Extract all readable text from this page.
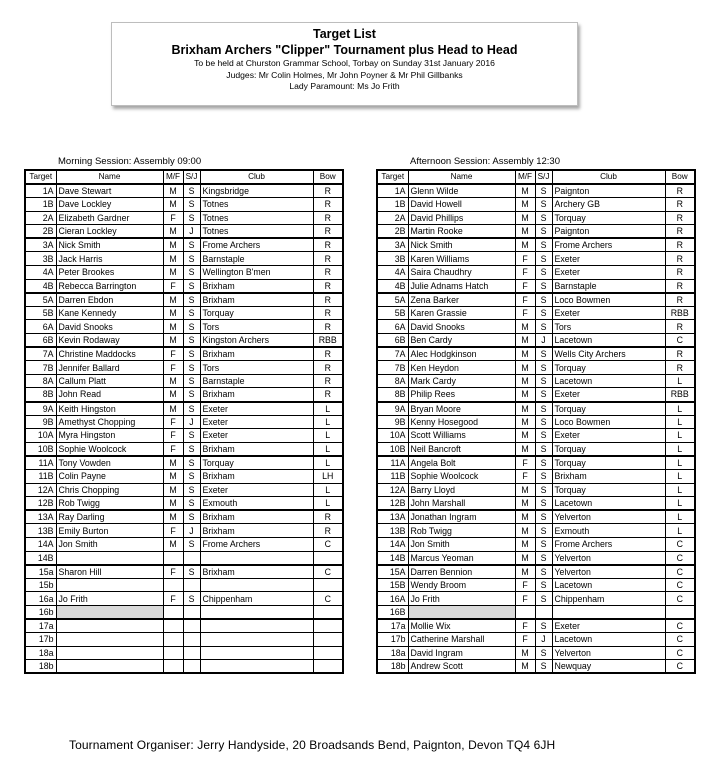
Target List
Brixham Archers "Clipper" Tournament plus Head to Head
To be held at Churston Grammar School, Torbay on Sunday 31st January 2016
Judges: Mr Colin Holmes, Mr John Poyner & Mr Phil Gillbanks
Lady Paramount: Ms Jo Frith
Morning Session: Assembly 09:00	Afternoon Session: Assembly 12:30
Target	Name	M/F	S/J	Club	Bow
1A	Dave Stewart	M	S	Kingsbridge	R
1B	Dave Lockley	M	S	Totnes	R
2A	Elizabeth Gardner	F	S	Totnes	R
2B	Cieran Lockley	M	J	Totnes	R
3A	Nick Smith	M	S	Frome Archers	R
3B	Jack Harris	M	S	Barnstaple	R
4A	Peter Brookes	M	S	Wellington B'men	R
4B	Rebecca Barrington	F	S	Brixham	R
5A	Darren Ebdon	M	S	Brixham	R
5B	Kane Kennedy	M	S	Torquay	R
6A	David Snooks	M	S	Tors	R
6B	Kevin Rodaway	M	S	Kingston Archers	RBB
7A	Christine Maddocks	F	S	Brixham	R
7B	Jennifer Ballard	F	S	Tors	R
8A	Callum Platt	M	S	Barnstaple	R
8B	John Read	M	S	Brixham	R
9A	Keith Hingston	M	S	Exeter	L
9B	Amethyst Chopping	F	J	Exeter	L
10A	Myra Hingston	F	S	Exeter	L
10B	Sophie Woolcock	F	S	Brixham	L
11A	Tony Vowden	M	S	Torquay	L
11B	Colin Payne	M	S	Brixham	LH
12A	Chris Chopping	M	S	Exeter	L
12B	Rob Twigg	M	S	Exmouth	L
13A	Ray Darling	M	S	Brixham	R
13B	Emily Burton	F	J	Brixham	R
14A	Jon Smith	M	S	Frome Archers	C
14B					
15a	Sharon Hill	F	S	Brixham	C
15b					
16a	Jo Frith	F	S	Chippenham	C
16b					
17a					
17b					
18a					
18b					
Target	Name	M/F	S/J	Club	Bow
1A	Glenn Wilde	M	S	Paignton	R
1B	David Howell	M	S	Archery GB	R
2A	David Phillips	M	S	Torquay	R
2B	Martin Rooke	M	S	Paignton	R
3A	Nick Smith	M	S	Frome Archers	R
3B	Karen Williams	F	S	Exeter	R
4A	Saira Chaudhry	F	S	Exeter	R
4B	Julie Adnams Hatch	F	S	Barnstaple	R
5A	Zena Barker	F	S	Loco Bowmen	R
5B	Karen Grassie	F	S	Exeter	RBB
6A	David Snooks	M	S	Tors	R
6B	Ben Cardy	M	J	Lacetown	C
7A	Alec Hodgkinson	M	S	Wells City Archers	R
7B	Ken Heydon	M	S	Torquay	R
8A	Mark Cardy	M	S	Lacetown	L
8B	Philip Rees	M	S	Exeter	RBB
9A	Bryan Moore	M	S	Torquay	L
9B	Kenny Hosegood	M	S	Loco Bowmen	L
10A	Scott Williams	M	S	Exeter	L
10B	Neil Bancroft	M	S	Torquay	L
11A	Angela Bolt	F	S	Torquay	L
11B	Sophie Woolcock	F	S	Brixham	L
12A	Barry Lloyd	M	S	Torquay	L
12B	John Marshall	M	S	Lacetown	L
13A	Jonathan Ingram	M	S	Yelverton	L
13B	Rob Twigg	M	S	Exmouth	L
14A	Jon Smith	M	S	Frome Archers	C
14B	Marcus Yeoman	M	S	Yelverton	C
15A	Darren Bennion	M	S	Yelverton	C
15B	Wendy Broom	F	S	Lacetown	C
16A	Jo Frith	F	S	Chippenham	C
16B					
17a	Mollie Wix	F	S	Exeter	C
17b	Catherine Marshall	F	J	Lacetown	C
18a	David Ingram	M	S	Yelverton	C
18b	Andrew Scott	M	S	Newquay	C
Tournament Organiser: Jerry Handyside, 20 Broadsands Bend, Paignton, Devon TQ4 6JH
